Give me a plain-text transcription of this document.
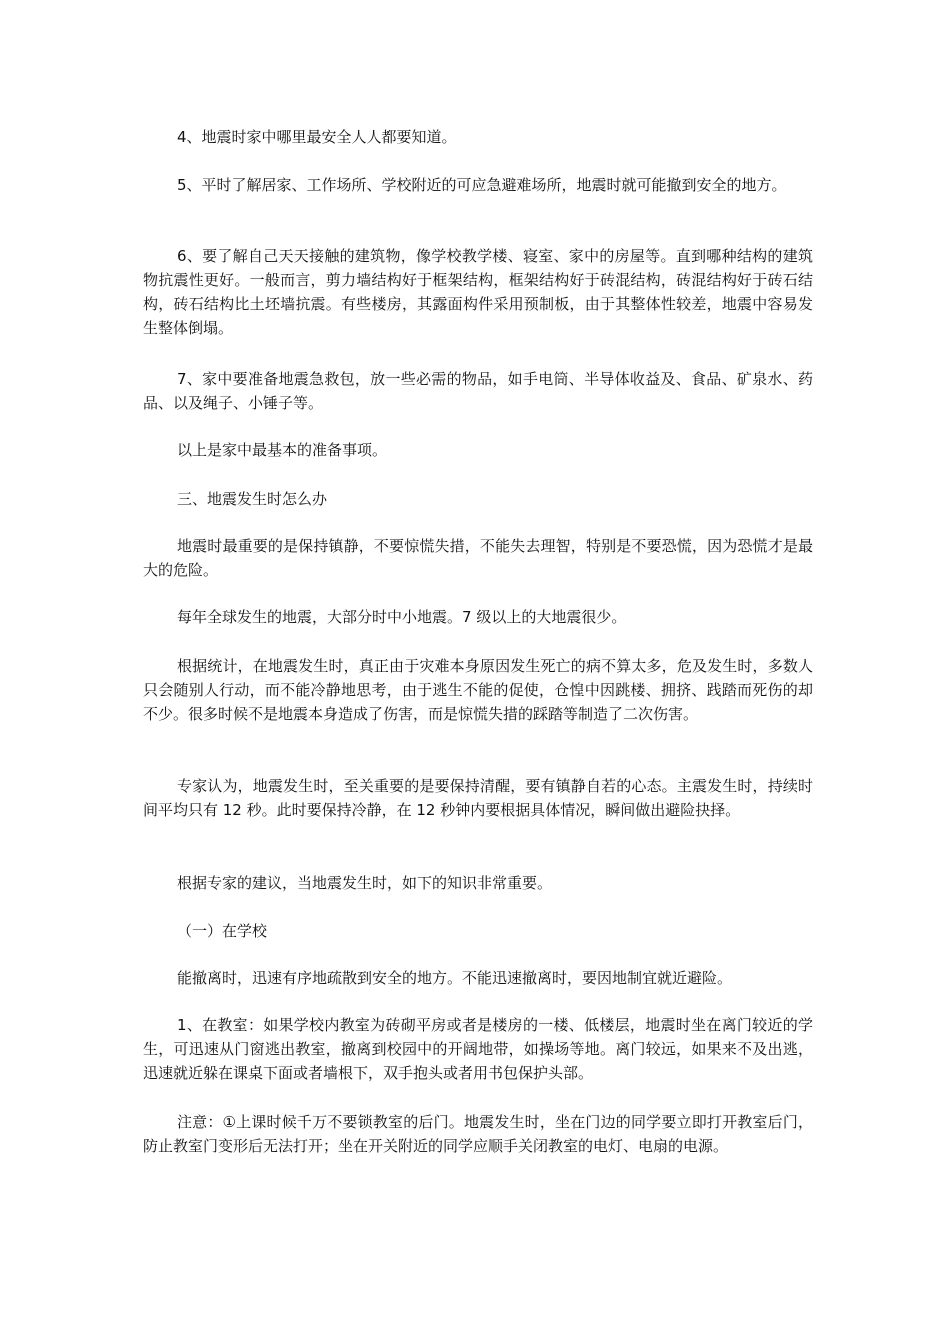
4、地震时家中哪里最安全人人都要知道。

5、平时了解居家、工作场所、学校附近的可应急避难场所，地震时就可能撤到安全的地方。

6、要了解自己天天接触的建筑物，像学校教学楼、寝室、家中的房屋等。直到哪种结构的建筑物抗震性更好。一般而言，剪力墙结构好于框架结构，框架结构好于砖混结构，砖混结构好于砖石结构，砖石结构比土坯墙抗震。有些楼房，其露面构件采用预制板，由于其整体性较差，地震中容易发生整体倒塌。

7、家中要准备地震急救包，放一些必需的物品，如手电筒、半导体收益及、食品、矿泉水、药品、以及绳子、小锤子等。

以上是家中最基本的准备事项。

三、地震发生时怎么办

地震时最重要的是保持镇静，不要惊慌失措，不能失去理智，特别是不要恐慌，因为恐慌才是最大的危险。

每年全球发生的地震，大部分时中小地震。7 级以上的大地震很少。

根据统计，在地震发生时，真正由于灾难本身原因发生死亡的病不算太多，危及发生时，多数人只会随别人行动，而不能冷静地思考，由于逃生不能的促使，仓惶中因跳楼、拥挤、践踏而死伤的却不少。很多时候不是地震本身造成了伤害，而是惊慌失措的踩踏等制造了二次伤害。

专家认为，地震发生时，至关重要的是要保持清醒，要有镇静自若的心态。主震发生时，持续时间平均只有 12 秒。此时要保持冷静，在 12 秒钟内要根据具体情况，瞬间做出避险抉择。

根据专家的建议，当地震发生时，如下的知识非常重要。

（一）在学校

能撤离时，迅速有序地疏散到安全的地方。不能迅速撤离时，要因地制宜就近避险。

1、在教室：如果学校内教室为砖砌平房或者是楼房的一楼、低楼层，地震时坐在离门较近的学生，可迅速从门窗逃出教室，撤离到校园中的开阔地带，如操场等地。离门较远，如果来不及出逃，迅速就近躲在课桌下面或者墙根下，双手抱头或者用书包保护头部。

注意：①上课时候千万不要锁教室的后门。地震发生时，坐在门边的同学要立即打开教室后门，防止教室门变形后无法打开；坐在开关附近的同学应顺手关闭教室的电灯、电扇的电源。
